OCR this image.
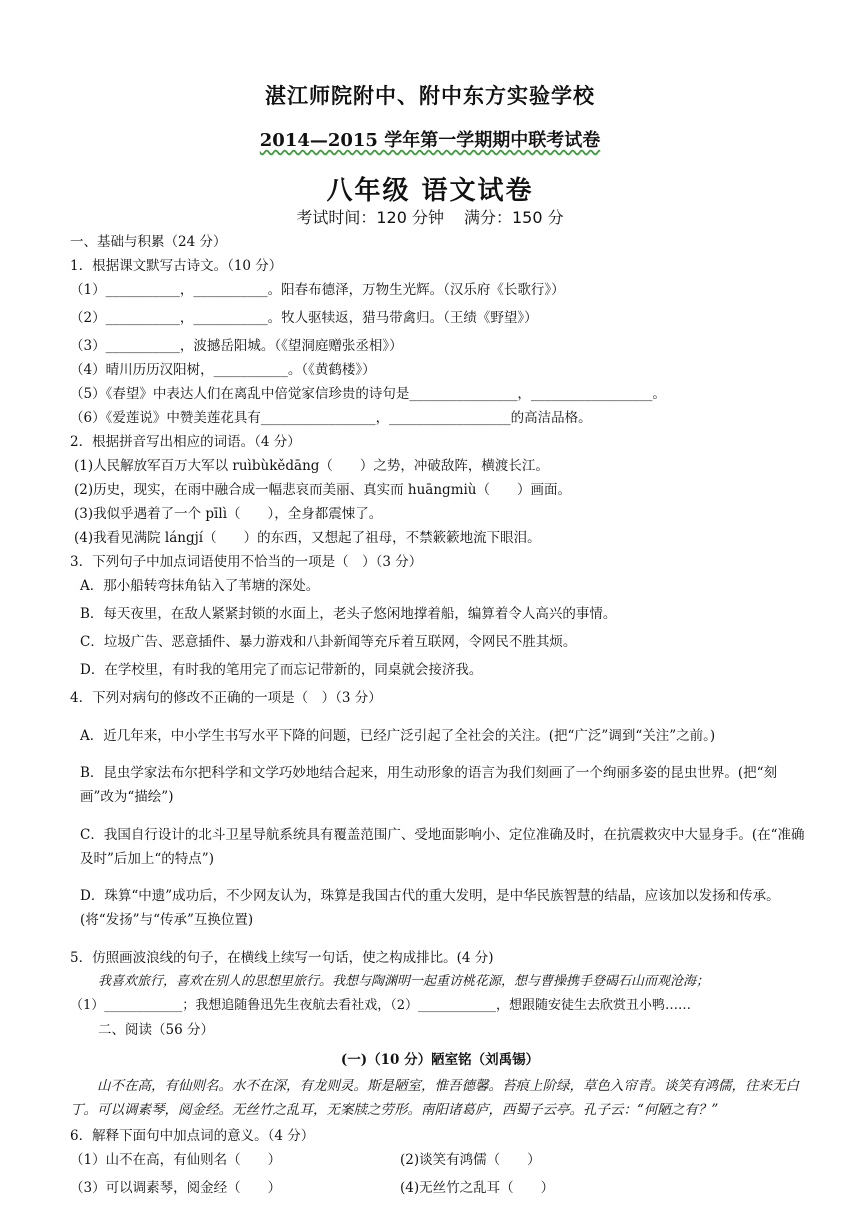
湛江师院附中、附中东方实验学校
2014—2015 学年第一学期期中联考试卷
八年级 语文试卷
考试时间：120 分钟 满分：150 分

一、基础与积累（24 分）

1．根据课文默写古诗文。（10 分）

（1）___________，___________。阳春布德泽，万物生光辉。（汉乐府《长歌行》）

（2）___________，___________。牧人驱犊返，猎马带禽归。（王绩《野望》）

（3）___________，波撼岳阳城。（《望洞庭赠张丞相》）

（4）晴川历历汉阳树，___________。（《黄鹤楼》）

（5）《春望》中表达人们在离乱中倍觉家信珍贵的诗句是________________，__________________。

（6）《爱莲说》中赞美莲花具有_________________，__________________的高洁品格。

2．根据拼音写出相应的词语。（4 分）

(1)人民解放军百万大军以 ruìbùkědāng（　　）之势，冲破敌阵，横渡长江。

(2)历史，现实，在雨中融合成一幅悲哀而美丽、真实而 huāngmiù（　　）画面。

(3)我似乎遇着了一个 pīlì（　　），全身都震悚了。

(4)我看见满院 lángjí（　　）的东西，又想起了祖母，不禁簌簌地流下眼泪。

3．下列句子中加点词语使用不恰当的一项是（　）（3 分）

A．那小船转弯抹角钻入了苇塘的深处。

B．每天夜里，在敌人紧紧封锁的水面上，老头子悠闲地撑着船，编算着令人高兴的事情。

C．垃圾广告、恶意插件、暴力游戏和八卦新闻等充斥着互联网，令网民不胜其烦。

D．在学校里，有时我的笔用完了而忘记带新的，同桌就会接济我。

4．下列对病句的修改不正确的一项是（　）（3 分）

A．近几年来，中小学生书写水平下降的问题，已经广泛引起了全社会的关注。(把“广泛”调到“关注”之前。)

B．昆虫学家法布尔把科学和文学巧妙地结合起来，用生动形象的语言为我们刻画了一个绚丽多姿的昆虫世界。(把“刻画”改为“描绘”)

C．我国自行设计的北斗卫星导航系统具有覆盖范围广、受地面影响小、定位准确及时，在抗震救灾中大显身手。(在“准确及时”后加上“的特点”)

D．珠算“中遗”成功后，不少网友认为，珠算是我国古代的重大发明，是中华民族智慧的结晶，应该加以发扬和传承。(将“发扬”与“传承”互换位置)

5．仿照画波浪线的句子，在横线上续写一句话，使之构成排比。(4 分)

我喜欢旅行，喜欢在别人的思想里旅行。我想与陶渊明一起重访桃花源，想与曹操携手登碣石山而观沧海；

（1）____________；我想追随鲁迅先生夜航去看社戏，（2）____________，想跟随安徒生去欣赏丑小鸭……

二、阅读（56 分）

(一)（10 分）陋室铭（刘禹锡）

山不在高，有仙则名。水不在深，有龙则灵。斯是陋室，惟吾德馨。苔痕上阶绿，草色入帘青。谈笑有鸿儒，往来无白丁。可以调素琴，阅金经。无丝竹之乱耳，无案牍之劳形。南阳诸葛庐，西蜀子云亭。孔子云：“何陋之有？”

6．解释下面句中加点词的意义。（4 分）

（1）山不在高，有仙则名（　　）	(2)谈笑有鸿儒（　　）
（3）可以调素琴，阅金经（　　）	(4)无丝竹之乱耳（　　）
